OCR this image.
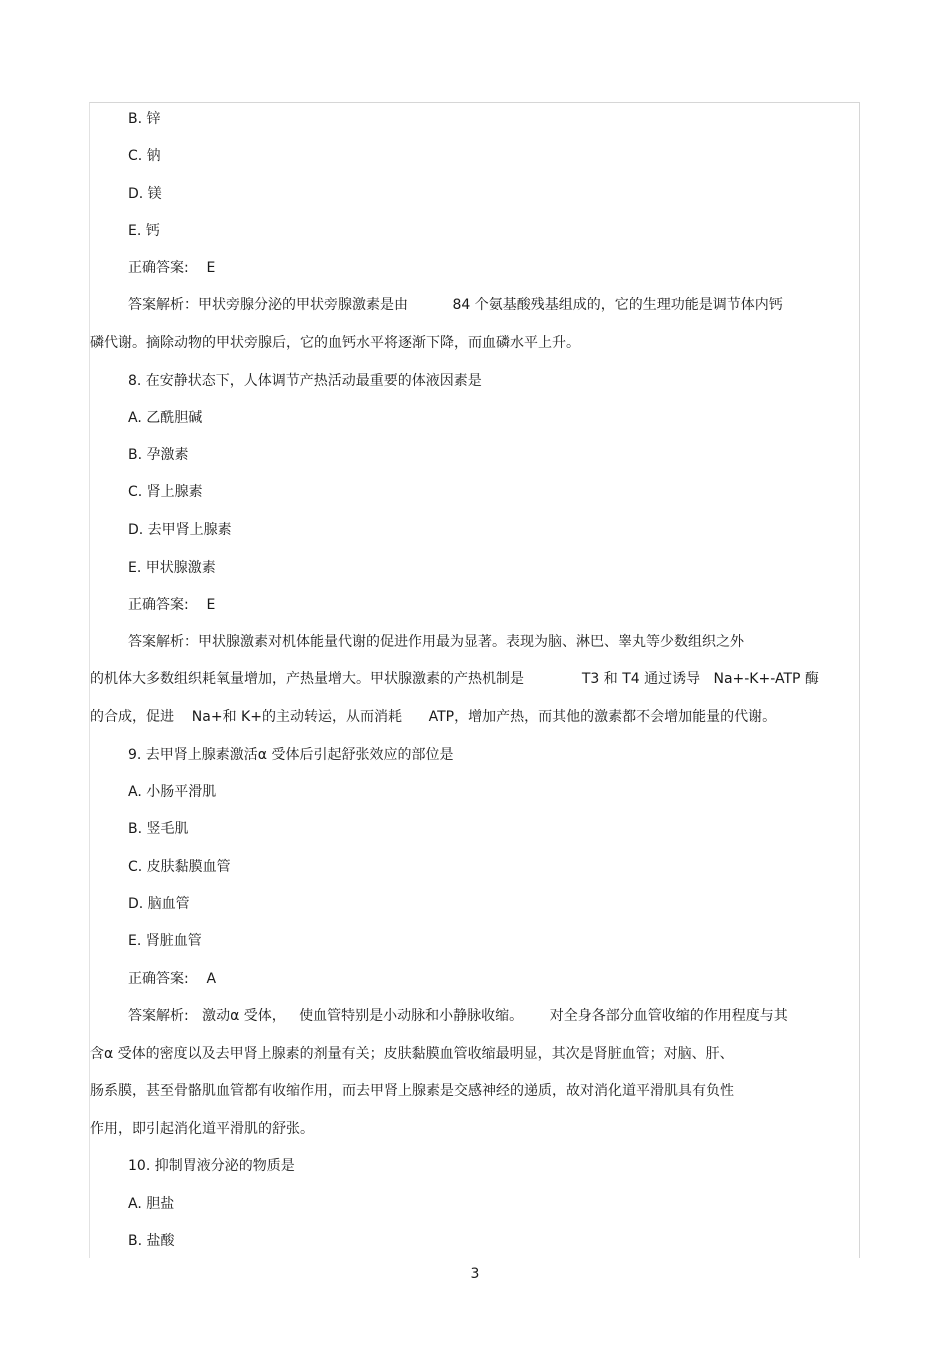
B. 锌
C. 钠
D. 镁
E. 钙
正确答案:    E
答案解析：甲状旁腺分泌的甲状旁腺激素是由          84 个氨基酸残基组成的，它的生理功能是调节体内钙
磷代谢。摘除动物的甲状旁腺后，它的血钙水平将逐渐下降，而血磷水平上升。
8. 在安静状态下，人体调节产热活动最重要的体液因素是
A. 乙酰胆碱
B. 孕激素
C. 肾上腺素
D. 去甲肾上腺素
E. 甲状腺激素
正确答案:    E
答案解析：甲状腺激素对机体能量代谢的促进作用最为显著。表现为脑、淋巴、睾丸等少数组织之外
的机体大多数组织耗氧量增加，产热量增大。甲状腺激素的产热机制是             T3 和 T4 通过诱导   Na+-K+-ATP 酶
的合成，促进    Na+和 K+的主动转运，从而消耗      ATP，增加产热，而其他的激素都不会增加能量的代谢。
9. 去甲肾上腺素激活α 受体后引起舒张效应的部位是
A. 小肠平滑肌
B. 竖毛肌
C. 皮肤黏膜血管
D. 脑血管
E. 肾脏血管
正确答案:    A
答案解析:   激动α 受体，   使血管特别是小动脉和小静脉收缩。      对全身各部分血管收缩的作用程度与其
含α 受体的密度以及去甲肾上腺素的剂量有关；皮肤黏膜血管收缩最明显，其次是肾脏血管；对脑、肝、
肠系膜，甚至骨骼肌血管都有收缩作用，而去甲肾上腺素是交感神经的递质，故对消化道平滑肌具有负性
作用，即引起消化道平滑肌的舒张。
10. 抑制胃液分泌的物质是
A. 胆盐
B. 盐酸
3
